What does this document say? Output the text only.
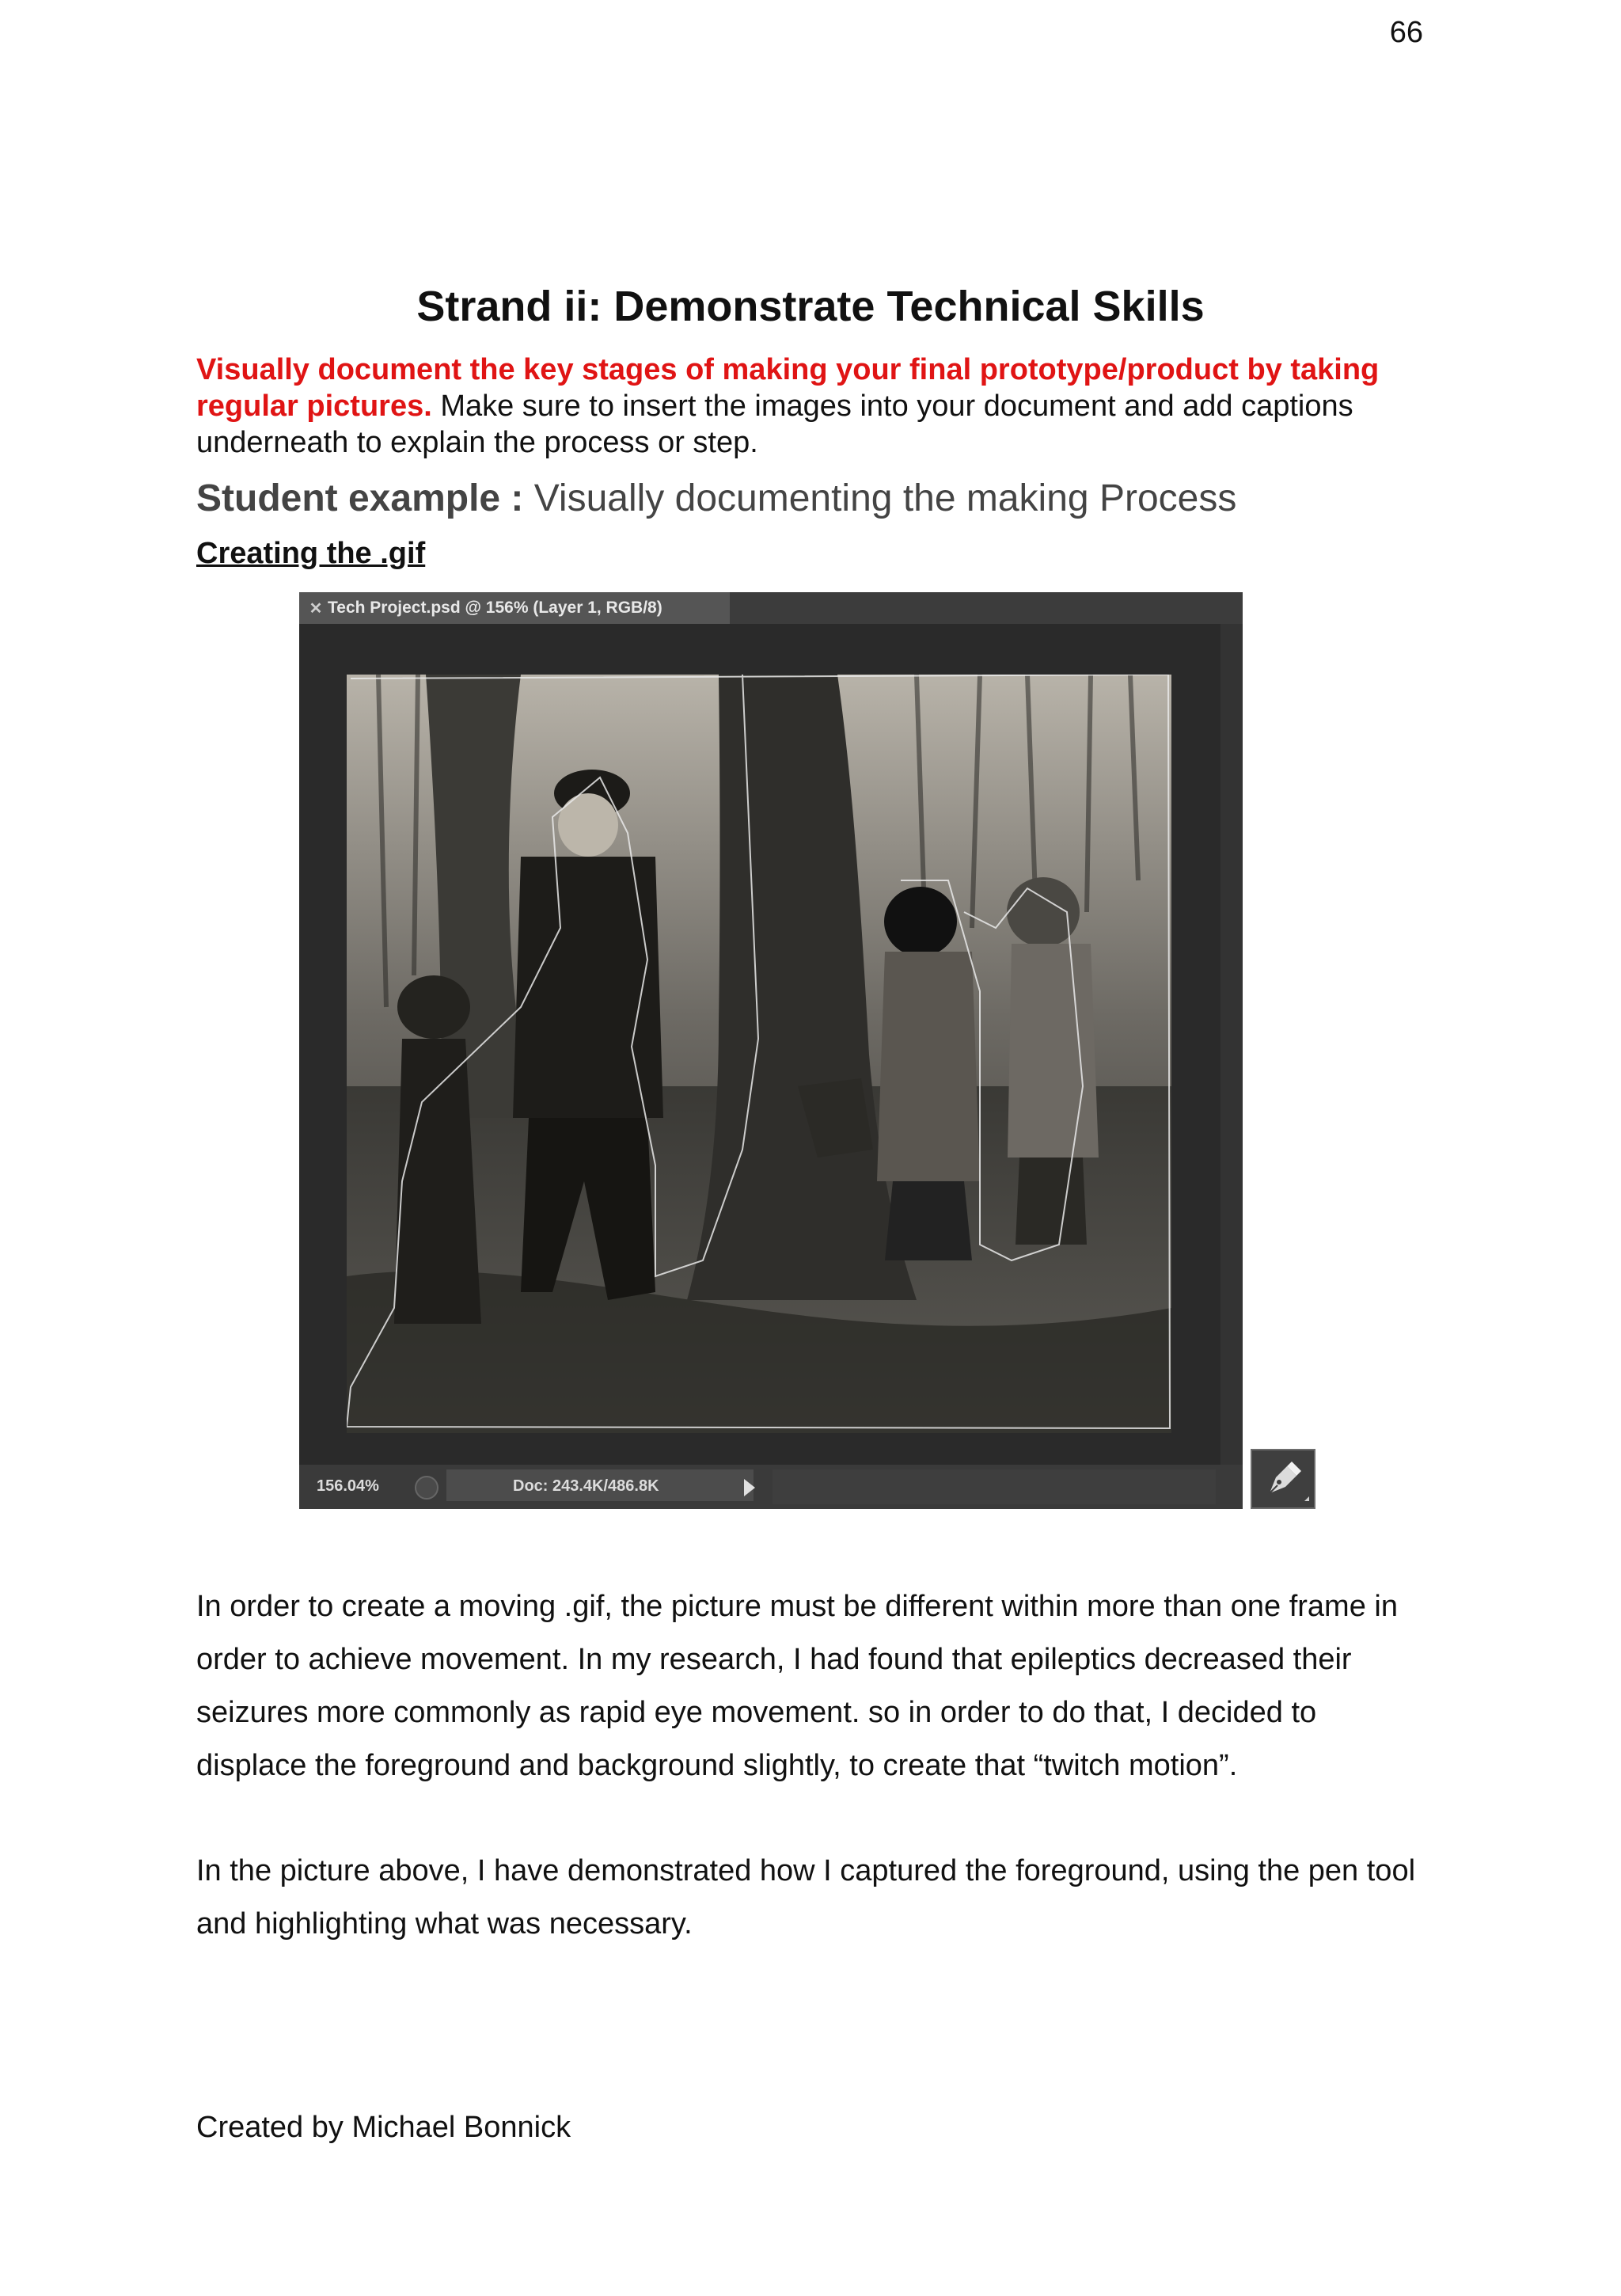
66
Strand ii: Demonstrate Technical Skills

Visually document the key stages of making your final prototype/product by taking regular pictures. Make sure to insert the images into your document and add captions underneath to explain the process or step.

Student example : Visually documenting the making Process

Creating the .gif

✕ Tech Project.psd @ 156% (Layer 1, RGB/8)
156.04%	Doc: 243.4K/486.8K

In order to create a moving .gif, the picture must be different within more than one frame in order to achieve movement. In my research, I had found that epileptics decreased their seizures more commonly as rapid eye movement. so in order to do that, I decided to displace the foreground and background slightly, to create that “twitch motion”.

In the picture above, I have demonstrated how I captured the foreground, using the pen tool and highlighting what was necessary.

Created by Michael Bonnick
